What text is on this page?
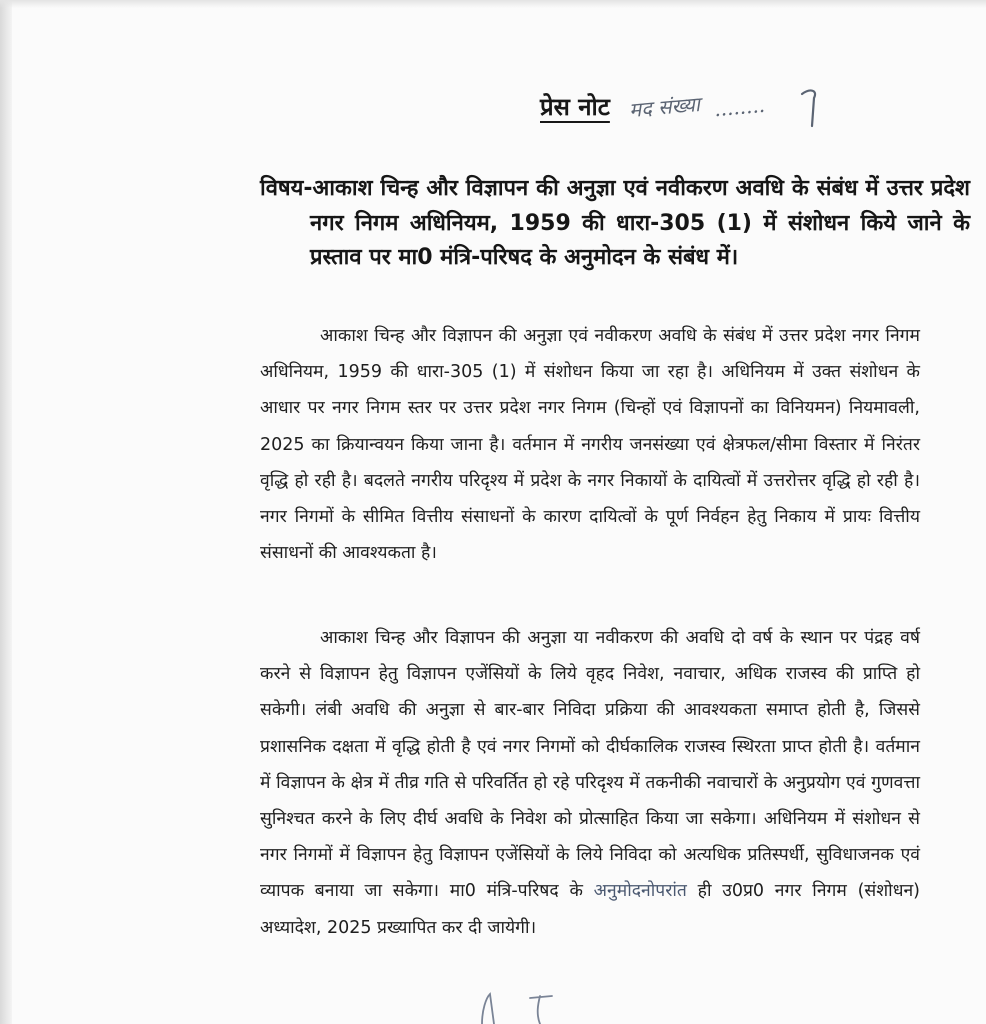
प्रेस नोट मद संख्या ........
विषय-आकाश चिन्ह और विज्ञापन की अनुज्ञा एवं नवीकरण अवधि के संबंध में उत्तर प्रदेश नगर निगम अधिनियम, 1959 की धारा-305 (1) में संशोधन किये जाने के प्रस्ताव पर मा0 मंत्रि-परिषद के अनुमोदन के संबंध में।
आकाश चिन्ह और विज्ञापन की अनुज्ञा एवं नवीकरण अवधि के संबंध में उत्तर प्रदेश नगर निगम अधिनियम, 1959 की धारा-305 (1) में संशोधन किया जा रहा है। अधिनियम में उक्त संशोधन के आधार पर नगर निगम स्तर पर उत्तर प्रदेश नगर निगम (चिन्हों एवं विज्ञापनों का विनियमन) नियमावली, 2025 का क्रियान्वयन किया जाना है। वर्तमान में नगरीय जनसंख्या एवं क्षेत्रफल/सीमा विस्तार में निरंतर वृद्धि हो रही है। बदलते नगरीय परिदृश्य में प्रदेश के नगर निकायों के दायित्वों में उत्तरोत्तर वृद्धि हो रही है। नगर निगमों के सीमित वित्तीय संसाधनों के कारण दायित्वों के पूर्ण निर्वहन हेतु निकाय में प्रायः वित्तीय संसाधनों की आवश्यकता है।
आकाश चिन्ह और विज्ञापन की अनुज्ञा या नवीकरण की अवधि दो वर्ष के स्थान पर पंद्रह वर्ष करने से विज्ञापन हेतु विज्ञापन एजेंसियों के लिये वृहद निवेश, नवाचार, अधिक राजस्व की प्राप्ति हो सकेगी। लंबी अवधि की अनुज्ञा से बार-बार निविदा प्रक्रिया की आवश्यकता समाप्त होती है, जिससे प्रशासनिक दक्षता में वृद्धि होती है एवं नगर निगमों को दीर्घकालिक राजस्व स्थिरता प्राप्त होती है। वर्तमान में विज्ञापन के क्षेत्र में तीव्र गति से परिवर्तित हो रहे परिदृश्य में तकनीकी नवाचारों के अनुप्रयोग एवं गुणवत्ता सुनिश्चत करने के लिए दीर्घ अवधि के निवेश को प्रोत्साहित किया जा सकेगा। अधिनियम में संशोधन से नगर निगमों में विज्ञापन हेतु विज्ञापन एजेंसियों के लिये निविदा को अत्यधिक प्रतिस्पर्धी, सुविधाजनक एवं व्यापक बनाया जा सकेगा। मा0 मंत्रि-परिषद के अनुमोदनोपरांत ही उ0प्र0 नगर निगम (संशोधन) अध्यादेश, 2025 प्रख्यापित कर दी जायेगी।
